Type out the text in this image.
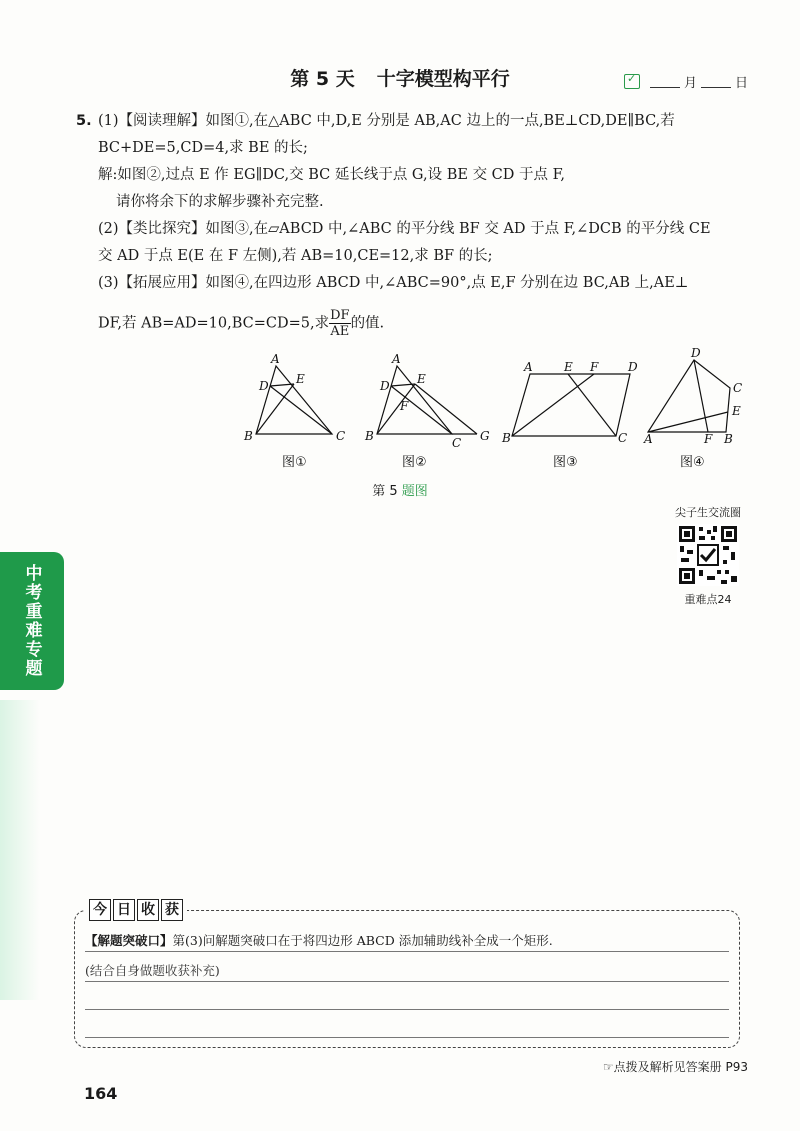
中考重难专题
第 5 天 十字模型构平行
✓	月	日
5. (1)【阅读理解】如图①,在△ABC 中,D,E 分别是 AB,AC 边上的一点,BE⊥CD,DE∥BC,若
BC+DE=5,CD=4,求 BE 的长;
解:如图②,过点 E 作 EG∥DC,交 BC 延长线于点 G,设 BE 交 CD 于点 F,
请你将余下的求解步骤补充完整.
(2)【类比探究】如图③,在▱ABCD 中,∠ABC 的平分线 BF 交 AD 于点 F,∠DCB 的平分线 CE
交 AD 于点 E(E 在 F 左侧),若 AB=10,CE=12,求 BF 的长;
(3)【拓展应用】如图④,在四边形 ABCD 中,∠ABC=90°,点 E,F 分别在边 BC,AB 上,AE⊥
DF,若 AB=AD=10,BC=CD=5,求 $\frac{DF}{AE}$ 的值.
A
D E
B	C
A
D E
F
B	C G
A	E F D
B	C
D
C
E
A	F B
图①	图②	图③	图④
第 5 题图
尖子生交流圈
重难点24
今 日 收 获
【解题突破口】第(3)问解题突破口在于将四边形 ABCD 添加辅助线补全成一个矩形.
(结合自身做题收获补充)
☞点拨及解析见答案册 P93
164
